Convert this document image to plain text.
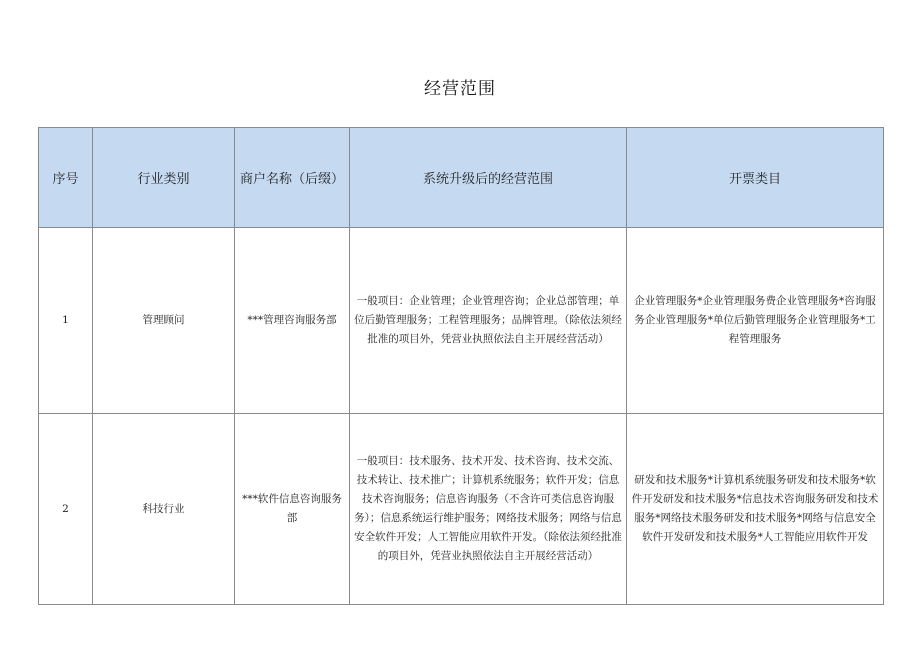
经营范围
序号	行业类别	商户名称（后缀）	系统升级后的经营范围	开票类目
1	管理顾问	***管理咨询服务部	一般项目：企业管理；企业管理咨询；企业总部管理；单位后勤管理服务；工程管理服务；品牌管理。（除依法须经批准的项目外，凭营业执照依法自主开展经营活动）	企业管理服务*企业管理服务费企业管理服务*咨询服务企业管理服务*单位后勤管理服务企业管理服务*工程管理服务
2	科技行业	***软件信息咨询服务部	一般项目：技术服务、技术开发、技术咨询、技术交流、技术转让、技术推广；计算机系统服务；软件开发；信息技术咨询服务；信息咨询服务（不含许可类信息咨询服务）；信息系统运行维护服务；网络技术服务；网络与信息安全软件开发；人工智能应用软件开发。（除依法须经批准的项目外，凭营业执照依法自主开展经营活动）	研发和技术服务*计算机系统服务研发和技术服务*软件开发研发和技术服务*信息技术咨询服务研发和技术服务*网络技术服务研发和技术服务*网络与信息安全软件开发研发和技术服务*人工智能应用软件开发
